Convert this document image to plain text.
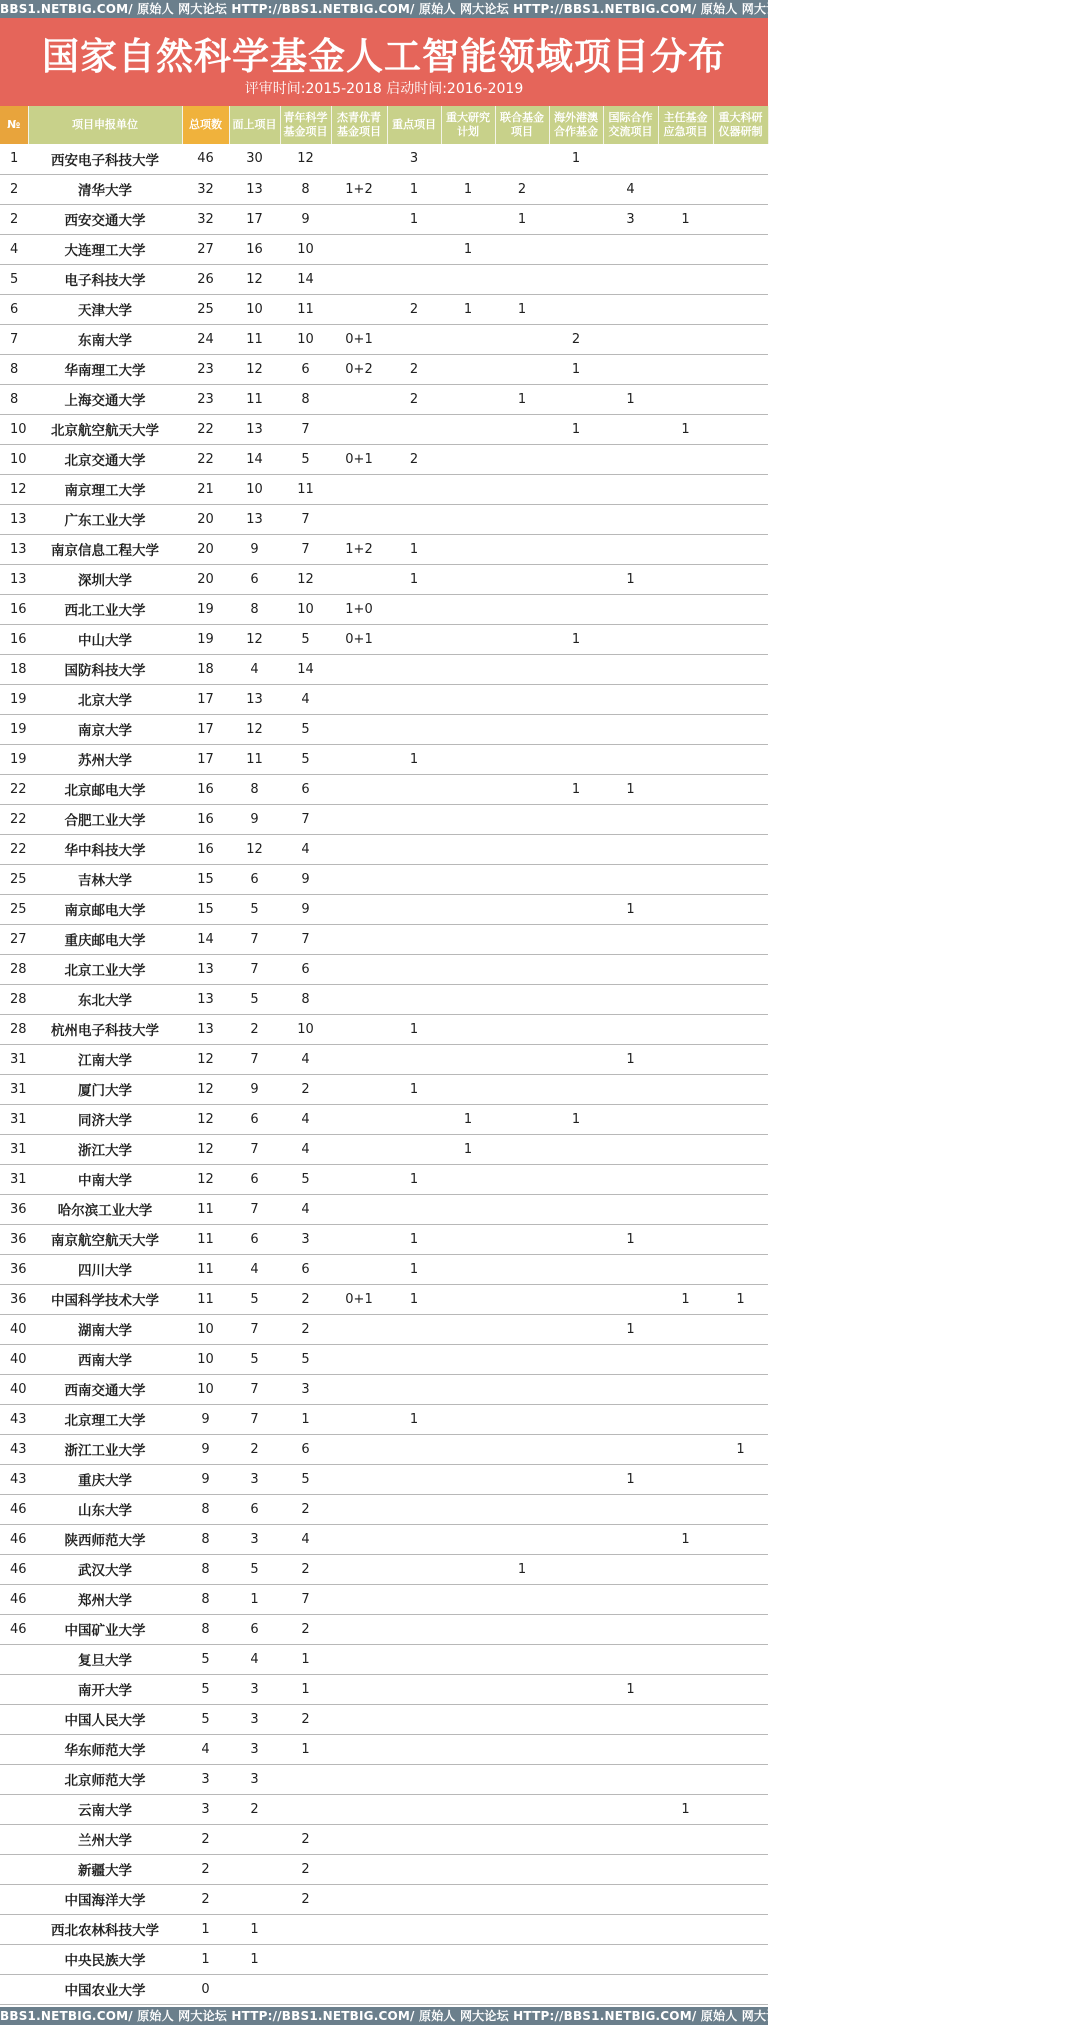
BBS1.NETBIG.COM/ 原始人 网大论坛 HTTP://BBS1.NETBIG.COM/ 原始人 网大论坛 HTTP://BBS1.NETBIG.COM/ 原始人 网大论坛 HTTP://BBS1.NETBIG.COM/ 原始人 网大论坛
国家自然科学基金人工智能领域项目分布
评审时间:2015-2018 启动时间:2016-2019
№	项目申报单位	总项数	面上项目	青年科学基金项目	杰青优青基金项目	重点项目	重大研究计划	联合基金项目	海外港澳合作基金	国际合作交流项目	主任基金应急项目	重大科研仪器研制
1	西安电子科技大学	46	30	12		3			1			
2	清华大学	32	13	8	1+2	1	1	2		4		
2	西安交通大学	32	17	9		1		1		3	1	
4	大连理工大学	27	16	10			1					
5	电子科技大学	26	12	14								
6	天津大学	25	10	11		2	1	1				
7	东南大学	24	11	10	0+1				2			
8	华南理工大学	23	12	6	0+2	2			1			
8	上海交通大学	23	11	8		2		1		1		
10	北京航空航天大学	22	13	7					1		1	
10	北京交通大学	22	14	5	0+1	2						
12	南京理工大学	21	10	11								
13	广东工业大学	20	13	7								
13	南京信息工程大学	20	9	7	1+2	1						
13	深圳大学	20	6	12		1				1		
16	西北工业大学	19	8	10	1+0							
16	中山大学	19	12	5	0+1				1			
18	国防科技大学	18	4	14								
19	北京大学	17	13	4								
19	南京大学	17	12	5								
19	苏州大学	17	11	5		1						
22	北京邮电大学	16	8	6					1	1		
22	合肥工业大学	16	9	7								
22	华中科技大学	16	12	4								
25	吉林大学	15	6	9								
25	南京邮电大学	15	5	9						1		
27	重庆邮电大学	14	7	7								
28	北京工业大学	13	7	6								
28	东北大学	13	5	8								
28	杭州电子科技大学	13	2	10		1						
31	江南大学	12	7	4						1		
31	厦门大学	12	9	2		1						
31	同济大学	12	6	4			1		1			
31	浙江大学	12	7	4			1					
31	中南大学	12	6	5		1						
36	哈尔滨工业大学	11	7	4								
36	南京航空航天大学	11	6	3		1				1		
36	四川大学	11	4	6		1						
36	中国科学技术大学	11	5	2	0+1	1					1	1
40	湖南大学	10	7	2						1		
40	西南大学	10	5	5								
40	西南交通大学	10	7	3								
43	北京理工大学	9	7	1		1						
43	浙江工业大学	9	2	6								1
43	重庆大学	9	3	5						1		
46	山东大学	8	6	2								
46	陕西师范大学	8	3	4							1	
46	武汉大学	8	5	2				1				
46	郑州大学	8	1	7								
46	中国矿业大学	8	6	2								
	复旦大学	5	4	1								
	南开大学	5	3	1						1		
	中国人民大学	5	3	2								
	华东师范大学	4	3	1								
	北京师范大学	3	3									
	云南大学	3	2								1	
	兰州大学	2		2								
	新疆大学	2		2								
	中国海洋大学	2		2								
	西北农林科技大学	1	1									
	中央民族大学	1	1									
	中国农业大学	0										
BBS1.NETBIG.COM/ 原始人 网大论坛 HTTP://BBS1.NETBIG.COM/ 原始人 网大论坛 HTTP://BBS1.NETBIG.COM/ 原始人 网大论坛 HTTP://BBS1.NETBIG.COM/ 原始人 网大论坛
